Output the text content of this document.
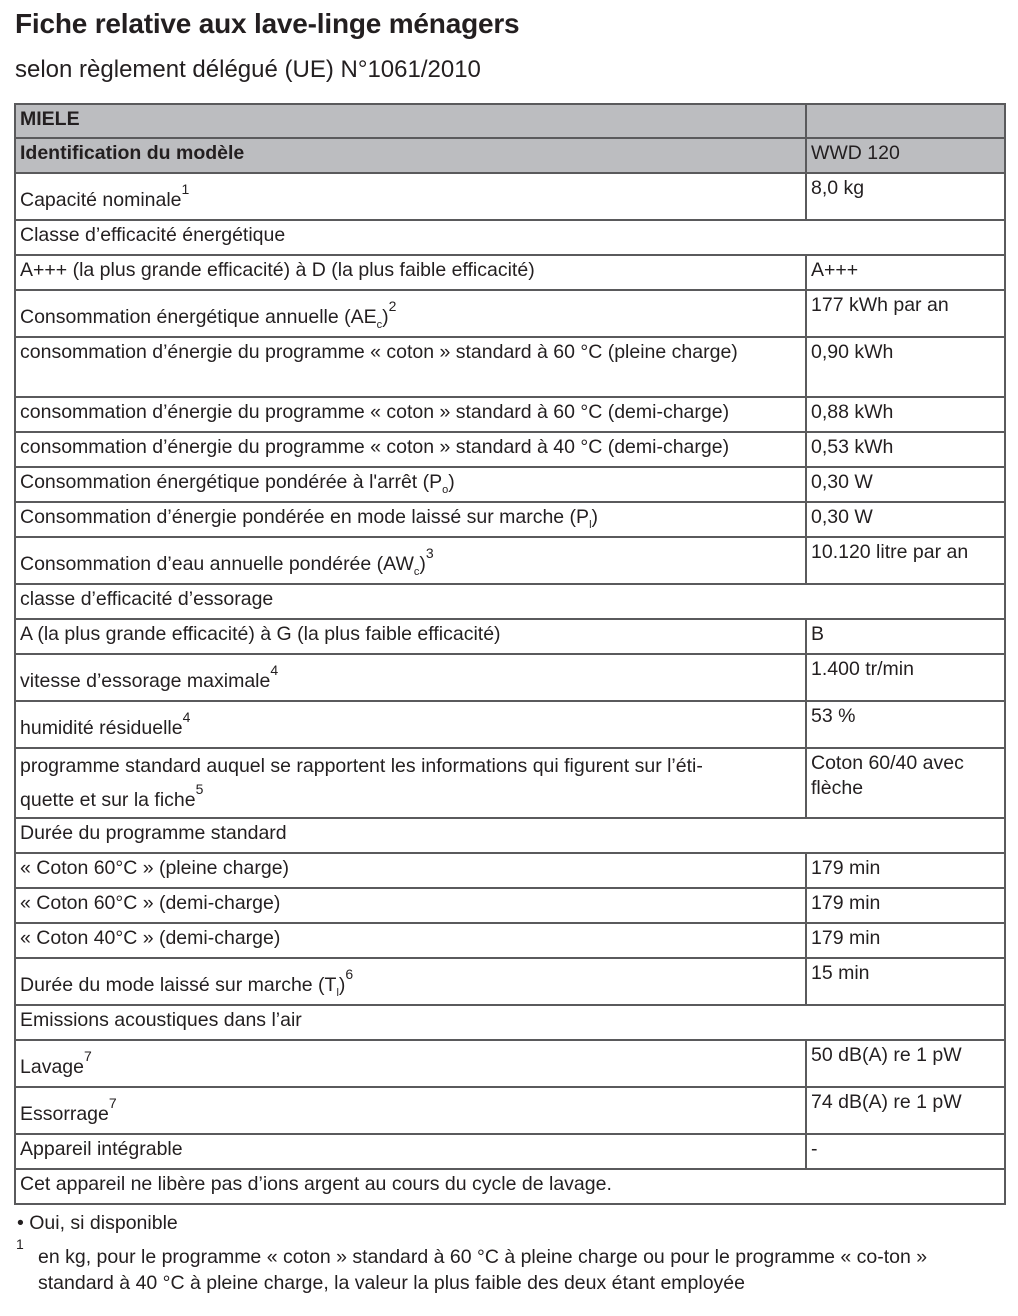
Fiche relative aux lave-linge ménagers
selon règlement délégué (UE) N°1061/2010
MIELE	
Identification du modèle	WWD 120
Capacité nominale$^1$	8,0 kg
Classe d’efficacité énergétique	
A+++ (la plus grande efficacité) à D (la plus faible efficacité)	A+++
Consommation énergétique annuelle $(AE_c)^2$	177 kWh par an
consommation d’énergie du programme « coton » standard à 60 °C (pleine charge)	0,90 kWh
consommation d’énergie du programme « coton » standard à 60 °C (demi-charge)	0,88 kWh
consommation d’énergie du programme « coton » standard à 40 °C (demi-charge)	0,53 kWh
Consommation énergétique pondérée à l'arrêt $(P_o)$	0,30 W
Consommation d’énergie pondérée en mode laissé sur marche $(P_l)$	0,30 W
Consommation d’eau annuelle pondérée $(AW_c)^3$	10.120 litre par an
classe d’efficacité d’essorage	
A (la plus grande efficacité) à G (la plus faible efficacité)	B
vitesse d’essorage maximale$^4$	1.400 tr/min
humidité résiduelle$^4$	53 %
programme standard auquel se rapportent les informations qui figurent sur l’éti-
quette et sur la fiche$^5$	Coton 60/40 avec flèche
Durée du programme standard	
« Coton 60°C » (pleine charge)	179 min
« Coton 60°C » (demi-charge)	179 min
« Coton 40°C » (demi-charge)	179 min
Durée du mode laissé sur marche $(T_l)^6$	15 min
Emissions acoustiques dans l’air	
Lavage$^7$	50 dB(A) re 1 pW
Essorrage$^7$	74 dB(A) re 1 pW
Appareil intégrable	-
Cet appareil ne libère pas d’ions argent au cours du cycle de lavage.	

• Oui, si disponible

1

en kg, pour le programme « coton » standard à 60 °C à pleine charge ou pour le programme « co-ton » standard à 40 °C à pleine charge, la valeur la plus faible des deux étant employée
